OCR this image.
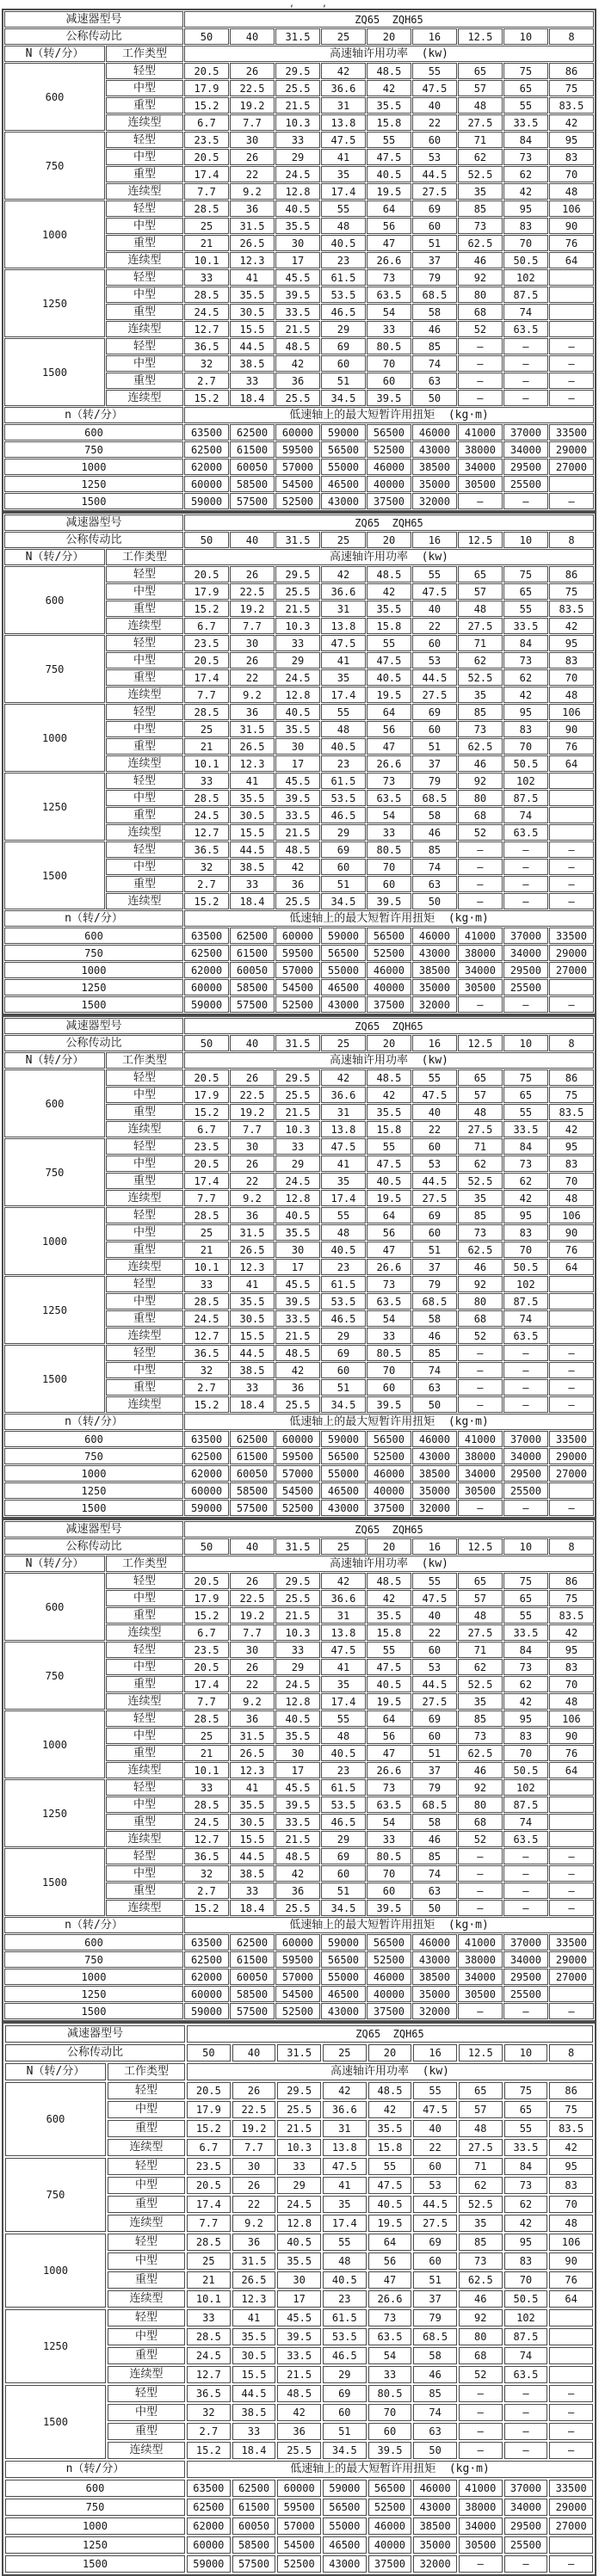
, ,
减速器型号		ZQ65  ZQH65								
公称传动比		50	40	31.5	25	20	16	12.5	10	8
N（转/分）	工作类型	高速轴许用功率  (kw)								
600	轻型	20.5	26	29.5	42	48.5	55	65	75	86
	中型	17.9	22.5	25.5	36.6	42	47.5	57	65	75
	重型	15.2	19.2	21.5	31	35.5	40	48	55	83.5
	连续型	6.7	7.7	10.3	13.8	15.8	22	27.5	33.5	42
750	轻型	23.5	30	33	47.5	55	60	71	84	95
	中型	20.5	26	29	41	47.5	53	62	73	83
	重型	17.4	22	24.5	35	40.5	44.5	52.5	62	70
	连续型	7.7	9.2	12.8	17.4	19.5	27.5	35	42	48
1000	轻型	28.5	36	40.5	55	64	69	85	95	106
	中型	25	31.5	35.5	48	56	60	73	83	90
	重型	21	26.5	30	40.5	47	51	62.5	70	76
	连续型	10.1	12.3	17	23	26.6	37	46	50.5	64
1250	轻型	33	41	45.5	61.5	73	79	92	102	
	中型	28.5	35.5	39.5	53.5	63.5	68.5	80	87.5	
	重型	24.5	30.5	33.5	46.5	54	58	68	74	
	连续型	12.7	15.5	21.5	29	33	46	52	63.5	
1500	轻型	36.5	44.5	48.5	69	80.5	85	—	—	—
	中型	32	38.5	42	60	70	74	—	—	—
	重型	2.7	33	36	51	60	63	—	—	—
	连续型	15.2	18.4	25.5	34.5	39.5	50	—	—	—
n（转/分）		低速轴上的最大短暂许用扭矩  (kg·m)								
600		63500	62500	60000	59000	56500	46000	41000	37000	33500
750		62500	61500	59500	56500	52500	43000	38000	34000	29000
1000		62000	60050	57000	55000	46000	38500	34000	29500	27000
1250		60000	58500	54500	46500	40000	35000	30500	25500	
1500		59000	57500	52500	43000	37500	32000	—	—	—
减速器型号		ZQ65  ZQH65								
公称传动比		50	40	31.5	25	20	16	12.5	10	8
N（转/分）	工作类型	高速轴许用功率  (kw)								
600	轻型	20.5	26	29.5	42	48.5	55	65	75	86
	中型	17.9	22.5	25.5	36.6	42	47.5	57	65	75
	重型	15.2	19.2	21.5	31	35.5	40	48	55	83.5
	连续型	6.7	7.7	10.3	13.8	15.8	22	27.5	33.5	42
750	轻型	23.5	30	33	47.5	55	60	71	84	95
	中型	20.5	26	29	41	47.5	53	62	73	83
	重型	17.4	22	24.5	35	40.5	44.5	52.5	62	70
	连续型	7.7	9.2	12.8	17.4	19.5	27.5	35	42	48
1000	轻型	28.5	36	40.5	55	64	69	85	95	106
	中型	25	31.5	35.5	48	56	60	73	83	90
	重型	21	26.5	30	40.5	47	51	62.5	70	76
	连续型	10.1	12.3	17	23	26.6	37	46	50.5	64
1250	轻型	33	41	45.5	61.5	73	79	92	102	
	中型	28.5	35.5	39.5	53.5	63.5	68.5	80	87.5	
	重型	24.5	30.5	33.5	46.5	54	58	68	74	
	连续型	12.7	15.5	21.5	29	33	46	52	63.5	
1500	轻型	36.5	44.5	48.5	69	80.5	85	—	—	—
	中型	32	38.5	42	60	70	74	—	—	—
	重型	2.7	33	36	51	60	63	—	—	—
	连续型	15.2	18.4	25.5	34.5	39.5	50	—	—	—
n（转/分）		低速轴上的最大短暂许用扭矩  (kg·m)								
600		63500	62500	60000	59000	56500	46000	41000	37000	33500
750		62500	61500	59500	56500	52500	43000	38000	34000	29000
1000		62000	60050	57000	55000	46000	38500	34000	29500	27000
1250		60000	58500	54500	46500	40000	35000	30500	25500	
1500		59000	57500	52500	43000	37500	32000	—	—	—
减速器型号		ZQ65  ZQH65								
公称传动比		50	40	31.5	25	20	16	12.5	10	8
N（转/分）	工作类型	高速轴许用功率  (kw)								
600	轻型	20.5	26	29.5	42	48.5	55	65	75	86
	中型	17.9	22.5	25.5	36.6	42	47.5	57	65	75
	重型	15.2	19.2	21.5	31	35.5	40	48	55	83.5
	连续型	6.7	7.7	10.3	13.8	15.8	22	27.5	33.5	42
750	轻型	23.5	30	33	47.5	55	60	71	84	95
	中型	20.5	26	29	41	47.5	53	62	73	83
	重型	17.4	22	24.5	35	40.5	44.5	52.5	62	70
	连续型	7.7	9.2	12.8	17.4	19.5	27.5	35	42	48
1000	轻型	28.5	36	40.5	55	64	69	85	95	106
	中型	25	31.5	35.5	48	56	60	73	83	90
	重型	21	26.5	30	40.5	47	51	62.5	70	76
	连续型	10.1	12.3	17	23	26.6	37	46	50.5	64
1250	轻型	33	41	45.5	61.5	73	79	92	102	
	中型	28.5	35.5	39.5	53.5	63.5	68.5	80	87.5	
	重型	24.5	30.5	33.5	46.5	54	58	68	74	
	连续型	12.7	15.5	21.5	29	33	46	52	63.5	
1500	轻型	36.5	44.5	48.5	69	80.5	85	—	—	—
	中型	32	38.5	42	60	70	74	—	—	—
	重型	2.7	33	36	51	60	63	—	—	—
	连续型	15.2	18.4	25.5	34.5	39.5	50	—	—	—
n（转/分）		低速轴上的最大短暂许用扭矩  (kg·m)								
600		63500	62500	60000	59000	56500	46000	41000	37000	33500
750		62500	61500	59500	56500	52500	43000	38000	34000	29000
1000		62000	60050	57000	55000	46000	38500	34000	29500	27000
1250		60000	58500	54500	46500	40000	35000	30500	25500	
1500		59000	57500	52500	43000	37500	32000	—	—	—
减速器型号		ZQ65  ZQH65								
公称传动比		50	40	31.5	25	20	16	12.5	10	8
N（转/分）	工作类型	高速轴许用功率  (kw)								
600	轻型	20.5	26	29.5	42	48.5	55	65	75	86
	中型	17.9	22.5	25.5	36.6	42	47.5	57	65	75
	重型	15.2	19.2	21.5	31	35.5	40	48	55	83.5
	连续型	6.7	7.7	10.3	13.8	15.8	22	27.5	33.5	42
750	轻型	23.5	30	33	47.5	55	60	71	84	95
	中型	20.5	26	29	41	47.5	53	62	73	83
	重型	17.4	22	24.5	35	40.5	44.5	52.5	62	70
	连续型	7.7	9.2	12.8	17.4	19.5	27.5	35	42	48
1000	轻型	28.5	36	40.5	55	64	69	85	95	106
	中型	25	31.5	35.5	48	56	60	73	83	90
	重型	21	26.5	30	40.5	47	51	62.5	70	76
	连续型	10.1	12.3	17	23	26.6	37	46	50.5	64
1250	轻型	33	41	45.5	61.5	73	79	92	102	
	中型	28.5	35.5	39.5	53.5	63.5	68.5	80	87.5	
	重型	24.5	30.5	33.5	46.5	54	58	68	74	
	连续型	12.7	15.5	21.5	29	33	46	52	63.5	
1500	轻型	36.5	44.5	48.5	69	80.5	85	—	—	—
	中型	32	38.5	42	60	70	74	—	—	—
	重型	2.7	33	36	51	60	63	—	—	—
	连续型	15.2	18.4	25.5	34.5	39.5	50	—	—	—
n（转/分）		低速轴上的最大短暂许用扭矩  (kg·m)								
600		63500	62500	60000	59000	56500	46000	41000	37000	33500
750		62500	61500	59500	56500	52500	43000	38000	34000	29000
1000		62000	60050	57000	55000	46000	38500	34000	29500	27000
1250		60000	58500	54500	46500	40000	35000	30500	25500	
1500		59000	57500	52500	43000	37500	32000	—	—	—
减速器型号		ZQ65  ZQH65								
公称传动比		50	40	31.5	25	20	16	12.5	10	8
N（转/分）	工作类型	高速轴许用功率  (kw)								
600	轻型	20.5	26	29.5	42	48.5	55	65	75	86
	中型	17.9	22.5	25.5	36.6	42	47.5	57	65	75
	重型	15.2	19.2	21.5	31	35.5	40	48	55	83.5
	连续型	6.7	7.7	10.3	13.8	15.8	22	27.5	33.5	42
750	轻型	23.5	30	33	47.5	55	60	71	84	95
	中型	20.5	26	29	41	47.5	53	62	73	83
	重型	17.4	22	24.5	35	40.5	44.5	52.5	62	70
	连续型	7.7	9.2	12.8	17.4	19.5	27.5	35	42	48
1000	轻型	28.5	36	40.5	55	64	69	85	95	106
	中型	25	31.5	35.5	48	56	60	73	83	90
	重型	21	26.5	30	40.5	47	51	62.5	70	76
	连续型	10.1	12.3	17	23	26.6	37	46	50.5	64
1250	轻型	33	41	45.5	61.5	73	79	92	102	
	中型	28.5	35.5	39.5	53.5	63.5	68.5	80	87.5	
	重型	24.5	30.5	33.5	46.5	54	58	68	74	
	连续型	12.7	15.5	21.5	29	33	46	52	63.5	
1500	轻型	36.5	44.5	48.5	69	80.5	85	—	—	—
	中型	32	38.5	42	60	70	74	—	—	—
	重型	2.7	33	36	51	60	63	—	—	—
	连续型	15.2	18.4	25.5	34.5	39.5	50	—	—	—
n（转/分）		低速轴上的最大短暂许用扭矩  (kg·m)								
600		63500	62500	60000	59000	56500	46000	41000	37000	33500
750		62500	61500	59500	56500	52500	43000	38000	34000	29000
1000		62000	60050	57000	55000	46000	38500	34000	29500	27000
1250		60000	58500	54500	46500	40000	35000	30500	25500	
1500		59000	57500	52500	43000	37500	32000	—	—	—
